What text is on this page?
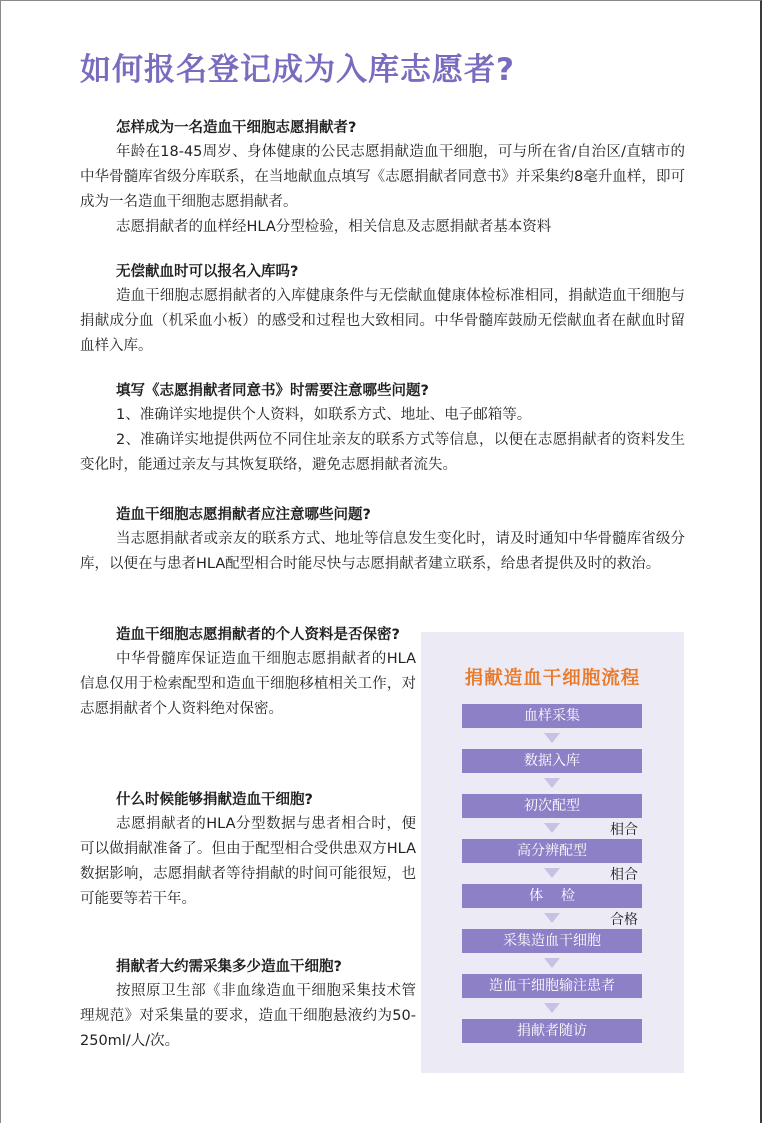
如何报名登记成为入库志愿者?
怎样成为一名造血干细胞志愿捐献者?

年龄在18-45周岁、身体健康的公民志愿捐献造血干细胞，可与所在省/自治区/直辖市的中华骨髓库省级分库联系，在当地献血点填写《志愿捐献者同意书》并采集约8毫升血样，即可成为一名造血干细胞志愿捐献者。

志愿捐献者的血样经HLA分型检验，相关信息及志愿捐献者基本资料

无偿献血时可以报名入库吗?

造血干细胞志愿捐献者的入库健康条件与无偿献血健康体检标准相同，捐献造血干细胞与捐献成分血（机采血小板）的感受和过程也大致相同。中华骨髓库鼓励无偿献血者在献血时留血样入库。

填写《志愿捐献者同意书》时需要注意哪些问题?

1、准确详实地提供个人资料，如联系方式、地址、电子邮箱等。

2、准确详实地提供两位不同住址亲友的联系方式等信息，以便在志愿捐献者的资料发生变化时，能通过亲友与其恢复联络，避免志愿捐献者流失。

造血干细胞志愿捐献者应注意哪些问题?

当志愿捐献者或亲友的联系方式、地址等信息发生变化时，请及时通知中华骨髓库省级分库，以便在与患者HLA配型相合时能尽快与志愿捐献者建立联系，给患者提供及时的救治。

造血干细胞志愿捐献者的个人资料是否保密?

中华骨髓库保证造血干细胞志愿捐献者的HLA信息仅用于检索配型和造血干细胞移植相关工作，对志愿捐献者个人资料绝对保密。

什么时候能够捐献造血干细胞?

志愿捐献者的HLA分型数据与患者相合时，便可以做捐献准备了。但由于配型相合受供患双方HLA数据影响，志愿捐献者等待捐献的时间可能很短，也可能要等若干年。

捐献者大约需采集多少造血干细胞?

按照原卫生部《非血缘造血干细胞采集技术管理规范》对采集量的要求，造血干细胞悬液约为50-250ml/人/次。

捐献造血干细胞流程
血样采集
数据入库
初次配型
相合
高分辨配型
相合
体    检
合格
采集造血干细胞
造血干细胞输注患者
捐献者随访
